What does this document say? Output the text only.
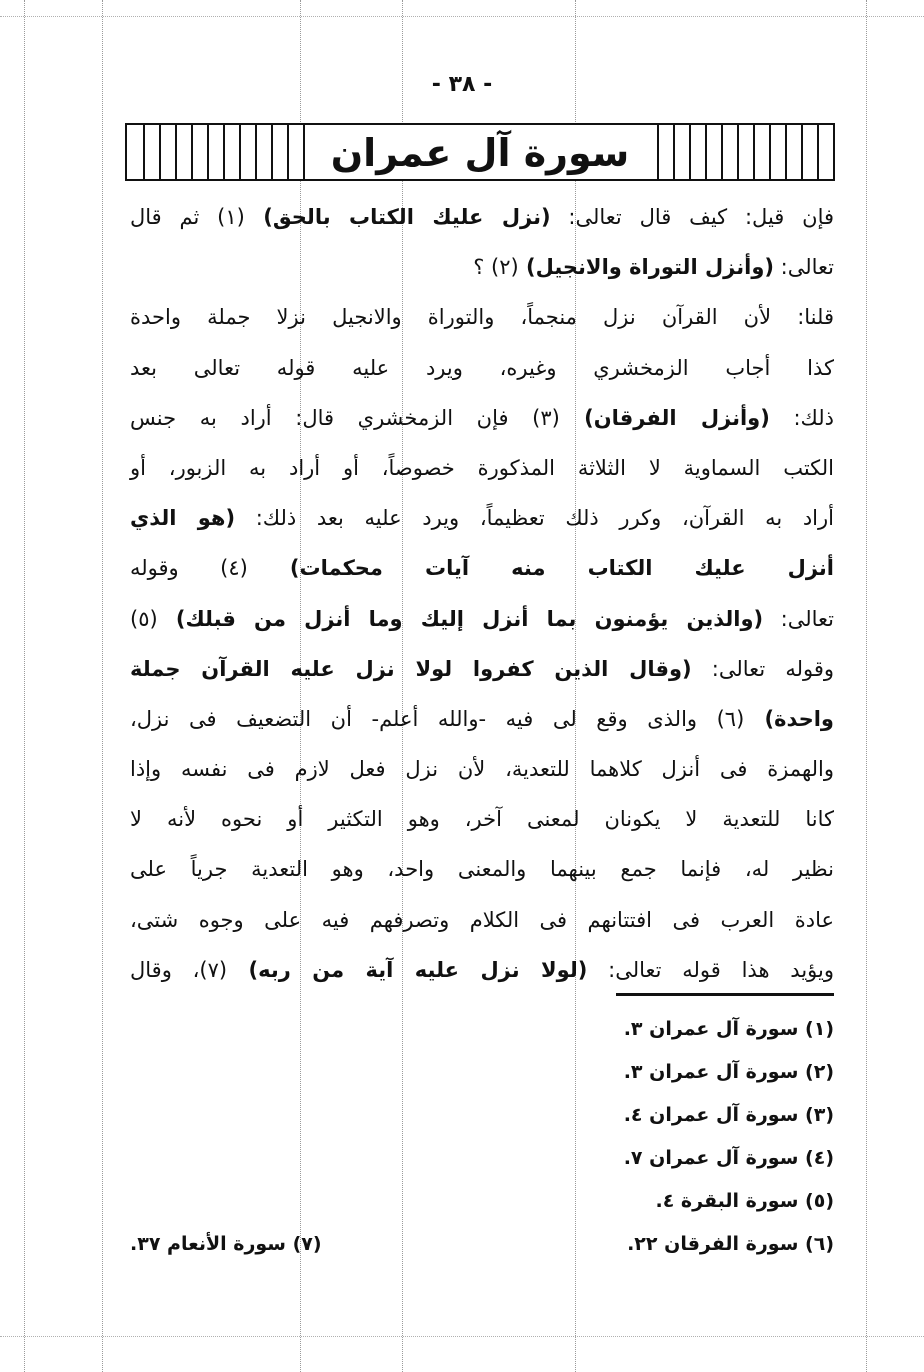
- ٣٨ -
سورة آل عمران
فإن قيل: كيف قال تعالى: (نزل عليك الكتاب بالحق) (١) ثم قال
تعالى: (وأنزل التوراة والانجيل) (٢) ؟
قلنا: لأن القرآن نزل منجماً، والتوراة والانجيل نزلا جملة واحدة
كذا أجاب الزمخشري وغيره، ويرد عليه قوله تعالى بعد
ذلك: (وأنزل الفرقان) (٣) فإن الزمخشري قال: أراد به جنس
الكتب السماوية لا الثلاثة المذكورة خصوصاً، أو أراد به الزبور، أو
أراد به القرآن، وكرر ذلك تعظيماً، ويرد عليه بعد ذلك: (هو الذي
أنزل عليك الكتاب منه آيات محكمات) (٤) وقوله
تعالى: (والذين يؤمنون بما أنزل إليك وما أنزل من قبلك) (٥)
وقوله تعالى: (وقال الذين كفروا لولا نزل عليه القرآن جملة
واحدة) (٦) والذى وقع لى فيه -والله أعلم- أن التضعيف فى نزل،
والهمزة فى أنزل كلاهما للتعدية، لأن نزل فعل لازم فى نفسه وإذا
كانا للتعدية لا يكونان لمعنى آخر، وهو التكثير أو نحوه لأنه لا
نظير له، فإنما جمع بينهما والمعنى واحد، وهو التعدية جرياً على
عادة العرب فى افتتانهم فى الكلام وتصرفهم فيه على وجوه شتى،
ويؤيد هذا قوله تعالى: (لولا نزل عليه آية من ربه) (٧)، وقال
(١) سورة آل عمران ٣.
(٢) سورة آل عمران ٣.
(٣) سورة آل عمران ٤.
(٤) سورة آل عمران ٧.
(٥) سورة البقرة ٤.
(٦) سورة الفرقان ٢٢.
(٧) سورة الأنعام ٣٧.
